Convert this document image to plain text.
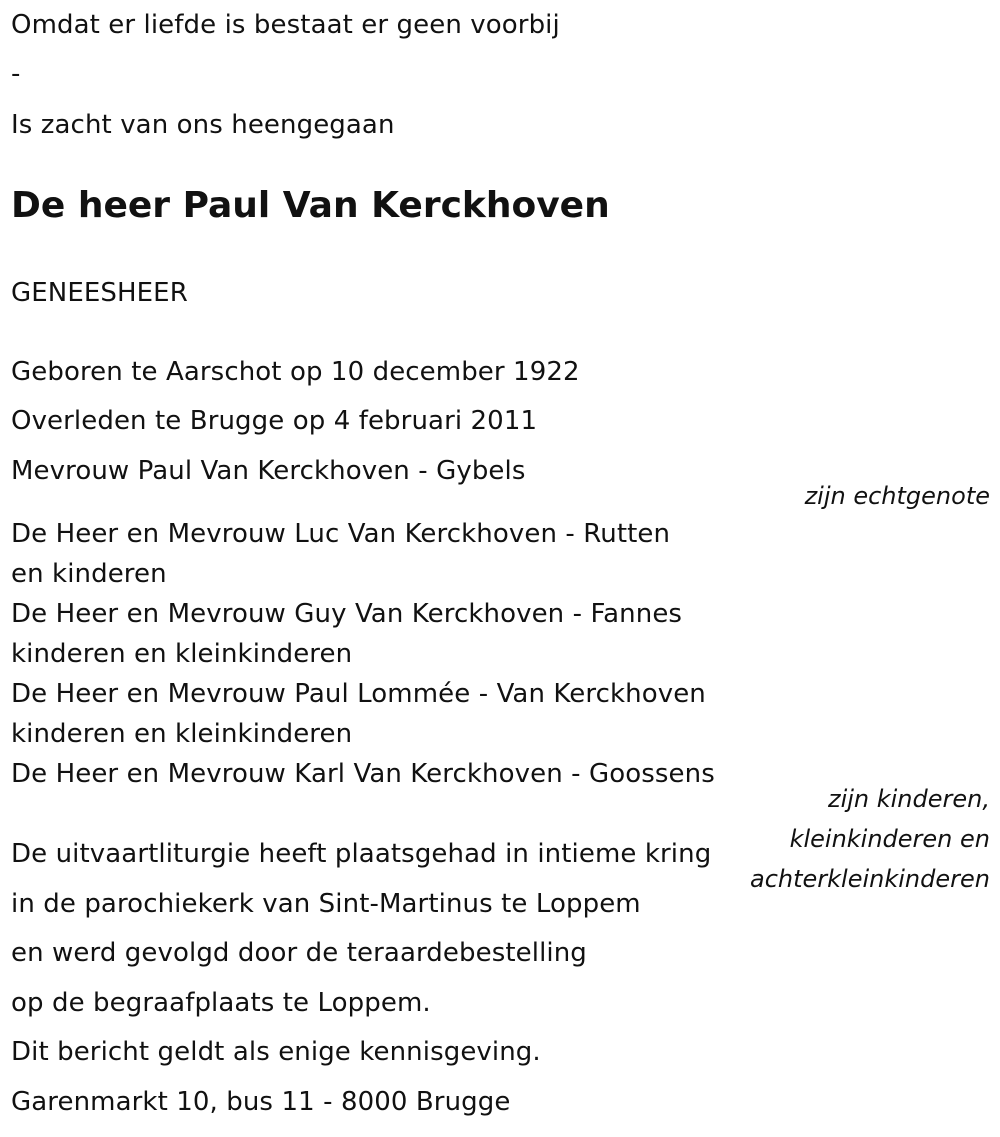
Omdat er liefde is bestaat er geen voorbij
-
Is zacht van ons heengegaan
De heer Paul Van Kerckhoven
GENEESHEER
Geboren te Aarschot op 10 december 1922
Overleden te Brugge op 4 februari 2011
Mevrouw Paul Van Kerckhoven - Gybels
zijn echtgenote
De Heer en Mevrouw Luc Van Kerckhoven - Rutten
en kinderen
De Heer en Mevrouw Guy Van Kerckhoven - Fannes
kinderen en kleinkinderen
De Heer en Mevrouw Paul Lommée - Van Kerckhoven
kinderen en kleinkinderen
De Heer en Mevrouw Karl Van Kerckhoven - Goossens
zijn kinderen,
kleinkinderen en
achterkleinkinderen
De uitvaartliturgie heeft plaatsgehad in intieme kring
in de parochiekerk van Sint-Martinus te Loppem
en werd gevolgd door de teraardebestelling
op de begraafplaats te Loppem.
Dit bericht geldt als enige kennisgeving.
Garenmarkt 10, bus 11 - 8000 Brugge
